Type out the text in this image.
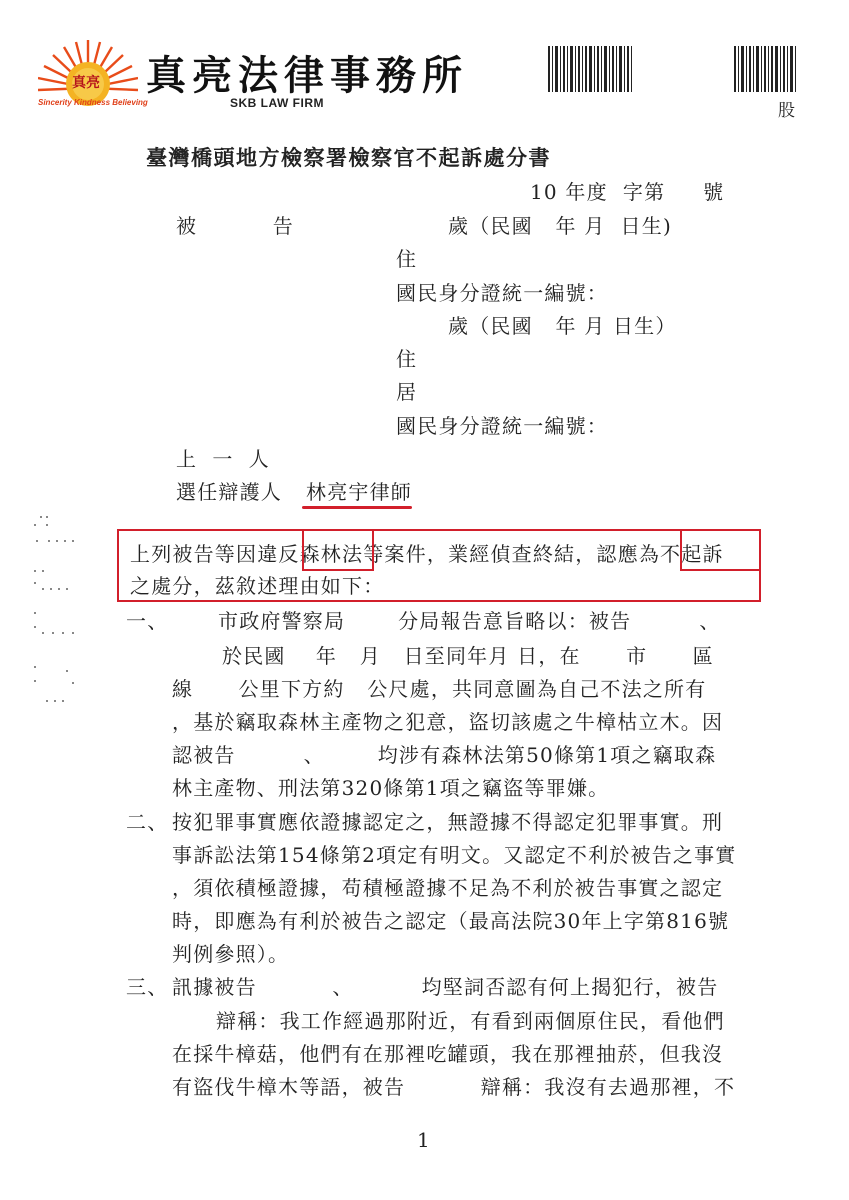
真亮
Sincerity Kindness Believing
真亮法律事務所
SKB LAW FIRM	股
臺灣橋頭地方檢察署檢察官不起訴處分書
10 年度  字第     號
被          告	歲（民國   年 月  日生)
住
國民身分證統一編號：
歲（民國   年 月 日生）
住
居
國民身分證統一編號：
上  一  人
選任辯護人 林亮宇律師
上列被告等因違反森林法等案件，業經偵查終結，認應為不起訴
之處分，茲敘述理由如下：
一、 市政府警察局       分局報告意旨略以：被告         、
於民國    年   月   日至同年月 日，在      市      區
線      公里下方約   公尺處，共同意圖為自己不法之所有
，基於竊取森林主產物之犯意，盜切該處之牛樟枯立木。因
認被告         、       均涉有森林法第50條第1項之竊取森
林主產物、刑法第320條第1項之竊盜等罪嫌。
二、 按犯罪事實應依證據認定之，無證據不得認定犯罪事實。刑
事訴訟法第154條第2項定有明文。又認定不利於被告之事實
，須依積極證據，苟積極證據不足為不利於被告事實之認定
時，即應為有利於被告之認定（最高法院30年上字第816號
判例參照）。
三、 訊據被告          、         均堅詞否認有何上揭犯行，被告
辯稱：我工作經過那附近，有看到兩個原住民，看他們
在採牛樟菇，他們有在那裡吃罐頭，我在那裡抽菸，但我沒
有盜伐牛樟木等語，被告          辯稱：我沒有去過那裡，不
1
